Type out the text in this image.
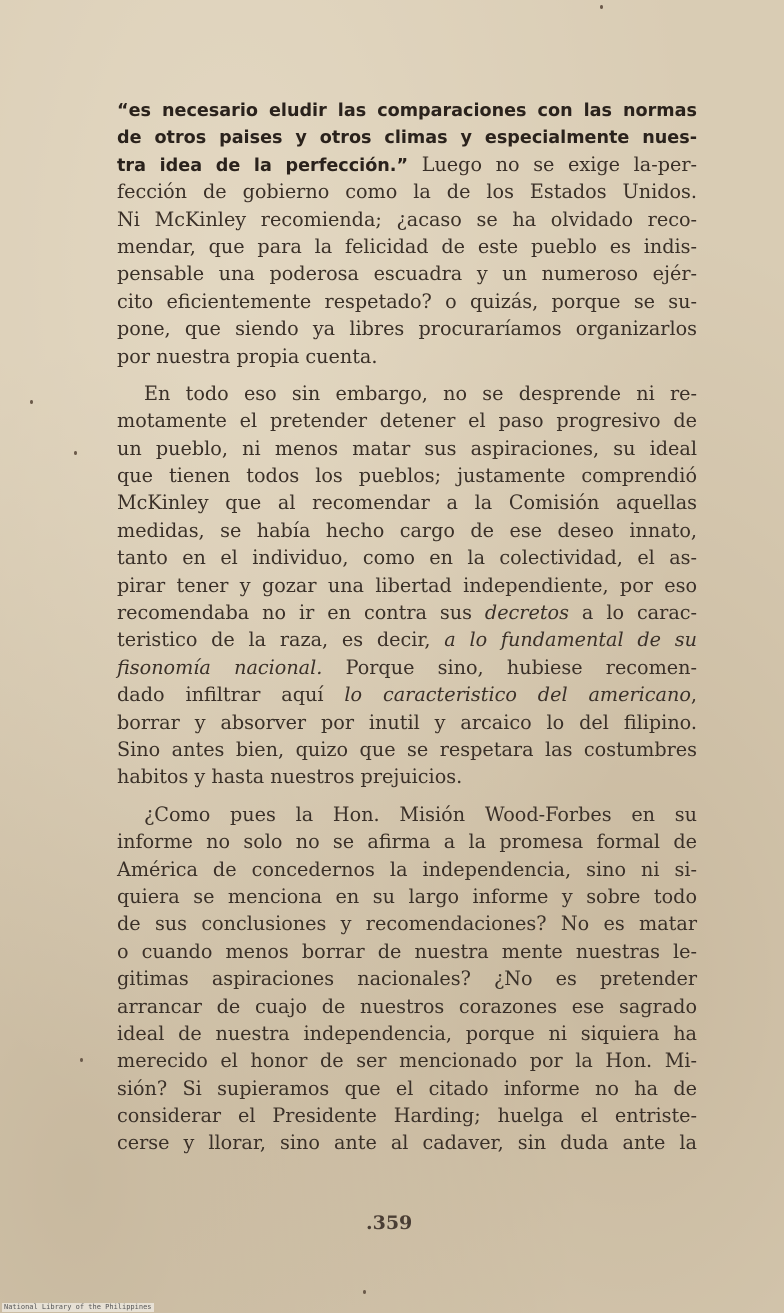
“es necesario eludir las comparaciones con las normas
de otros paises y otros climas y especialmente nues-
tra idea de la perfección.” Luego no se exige la-per-
fección de gobierno como la de los Estados Unidos.
Ni McKinley recomienda; ¿acaso se ha olvidado reco-
mendar, que para la felicidad de este pueblo es indis-
pensable una poderosa escuadra y un numeroso ejér-
cito eficientemente respetado? o quizás, porque se su-
pone, que siendo ya libres procuraríamos organizarlos
por nuestra propia cuenta.
En todo eso sin embargo, no se desprende ni re-
motamente el pretender detener el paso progresivo de
un pueblo, ni menos matar sus aspiraciones, su ideal
que tienen todos los pueblos; justamente comprendió
McKinley que al recomendar a la Comisión aquellas
medidas, se había hecho cargo de ese deseo innato,
tanto en el individuo, como en la colectividad, el as-
pirar tener y gozar una libertad independiente, por eso
recomendaba no ir en contra sus decretos a lo carac-
teristico de la raza, es decir, a lo fundamental de su
fisonomía nacional. Porque sino, hubiese recomen-
dado infiltrar aquí lo caracteristico del americano,
borrar y absorver por inutil y arcaico lo del filipino.
Sino antes bien, quizo que se respetara las costumbres
habitos y hasta nuestros prejuicios.
¿Como pues la Hon. Misión Wood-Forbes en su
informe no solo no se afirma a la promesa formal de
América de concedernos la independencia, sino ni si-
quiera se menciona en su largo informe y sobre todo
de sus conclusiones y recomendaciones? No es matar
o cuando menos borrar de nuestra mente nuestras le-
gitimas aspiraciones nacionales? ¿No es pretender
arrancar de cuajo de nuestros corazones ese sagrado
ideal de nuestra independencia, porque ni siquiera ha
merecido el honor de ser mencionado por la Hon. Mi-
sión? Si supieramos que el citado informe no ha de
considerar el Presidente Harding; huelga el entriste-
cerse y llorar, sino ante al cadaver, sin duda ante la
.359
National Library of the Philippines
